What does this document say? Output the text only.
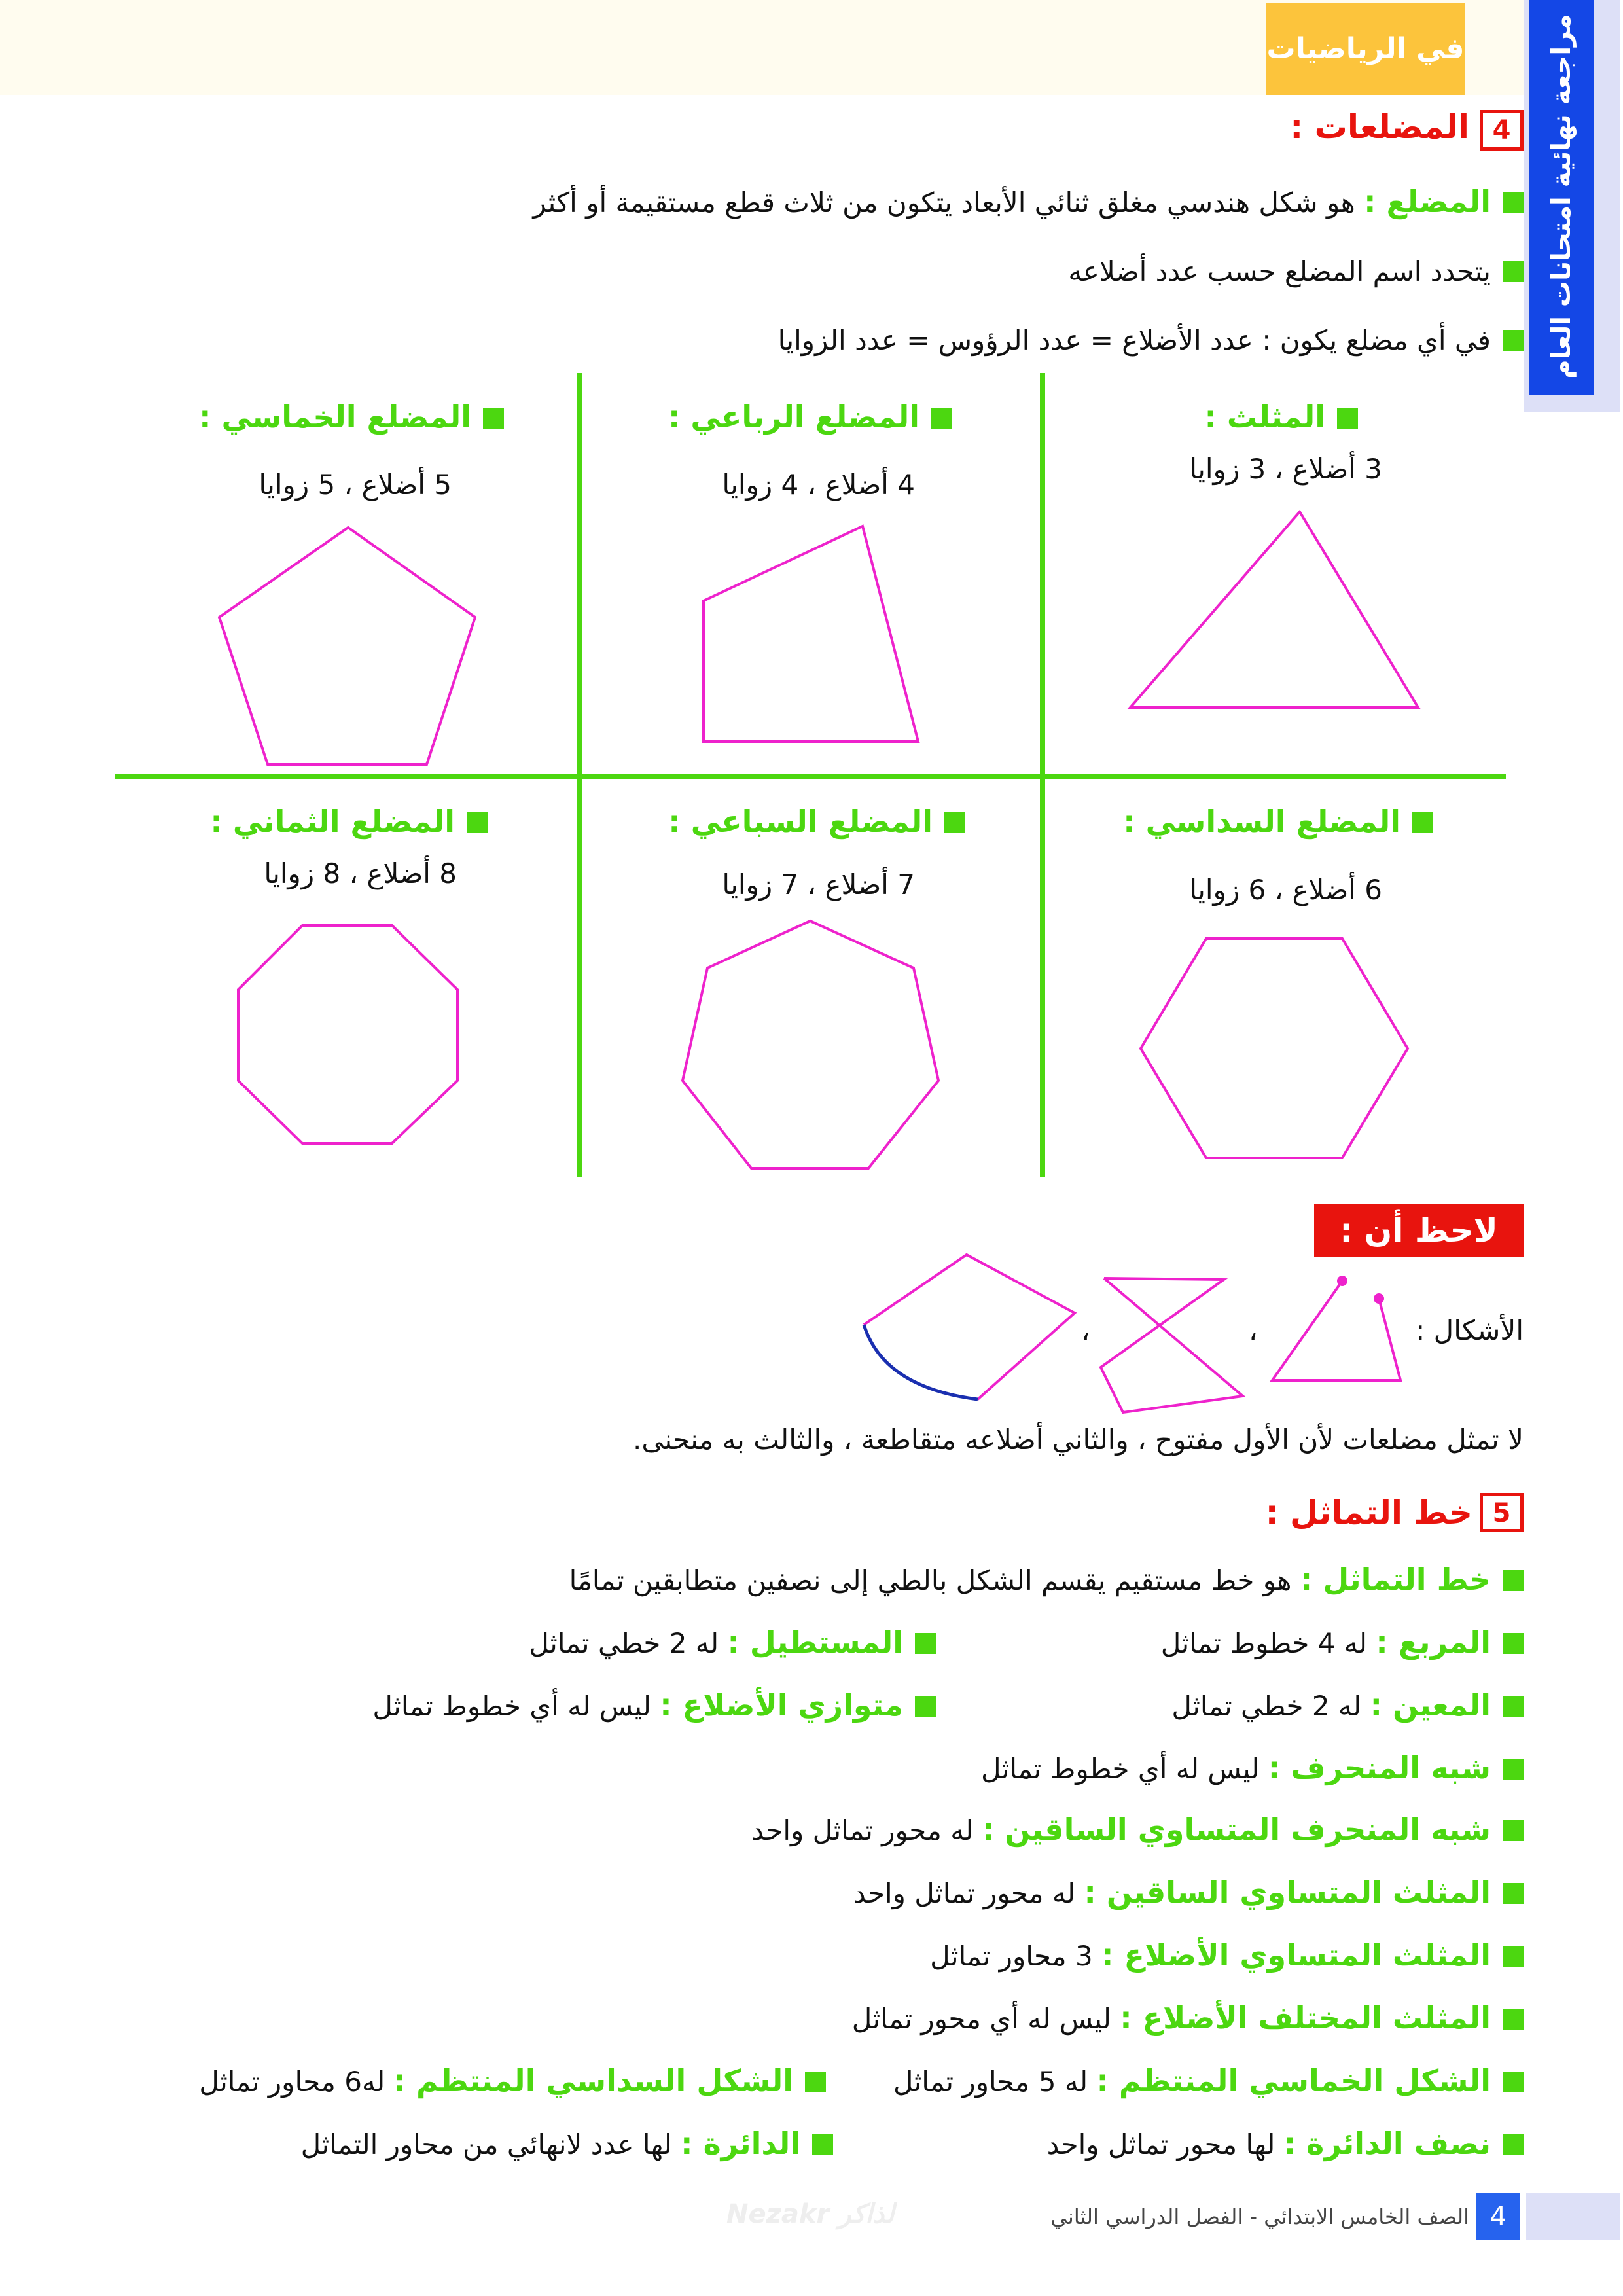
في الرياضيات	مراجعة نهائية امتحانات العام
4
المضلعات :
المضلع : هو شكل هندسي مغلق ثنائي الأبعاد يتكون من ثلاث قطع مستقيمة أو أكثر
يتحدد اسم المضلع حسب عدد أضلاعه
في أي مضلع يكون : عدد الأضلاع = عدد الرؤوس = عدد الزوايا
المثلث :
3 أضلاع ، 3 زوايا
المضلع الرباعي :
4 أضلاع ، 4 زوايا
المضلع الخماسي :
5 أضلاع ، 5 زوايا
المضلع السداسي :
6 أضلاع ، 6 زوايا
المضلع السباعي :
7 أضلاع ، 7 زوايا
المضلع الثماني :
8 أضلاع ، 8 زوايا
لاحظ أن :
الأشكال :
،
،
لا تمثل مضلعات لأن الأول مفتوح ، والثاني أضلاعه متقاطعة ، والثالث به منحنى.
5
خط التماثل :
خط التماثل : هو خط مستقيم يقسم الشكل بالطي إلى نصفين متطابقين تمامًا
المربع : له 4 خطوط تماثل
المستطيل : له 2 خطي تماثل
المعين : له 2 خطي تماثل
متوازي الأضلاع : ليس له أي خطوط تماثل
شبه المنحرف : ليس له أي خطوط تماثل
شبه المنحرف المتساوي الساقين : له محور تماثل واحد
المثلث المتساوي الساقين : له محور تماثل واحد
المثلث المتساوي الأضلاع : 3 محاور تماثل
المثلث المختلف الأضلاع : ليس له أي محور تماثل
الشكل الخماسي المنتظم : له 5 محاور تماثل
الشكل السداسي المنتظم : له6 محاور تماثل
نصف الدائرة : لها محور تماثل واحد
الدائرة : لها عدد لانهائي من محاور التماثل
Nezakr لذاكر	4
الصف الخامس الابتدائي - الفصل الدراسي الثاني
